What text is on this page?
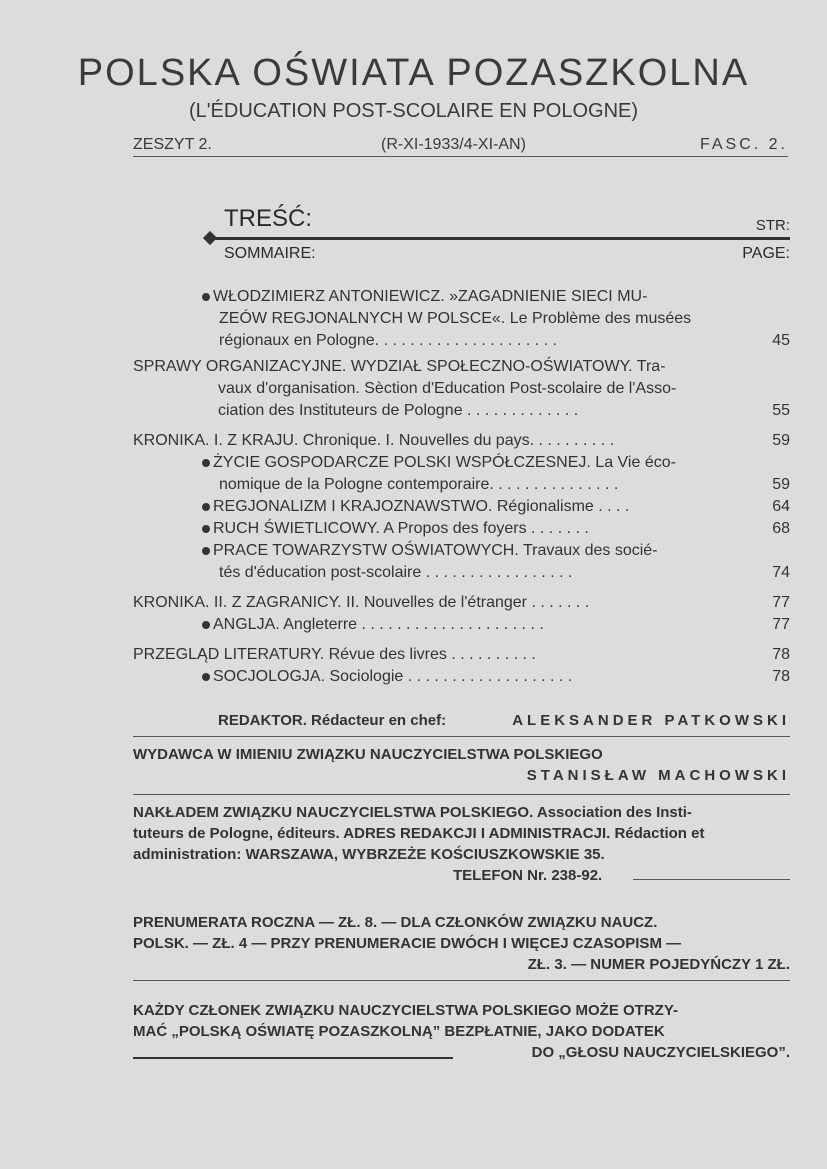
POLSKA OŚWIATA POZASZKOLNA
(L'ÉDUCATION POST-SCOLAIRE EN POLOGNE)
ZESZYT 2.	(R-XI-1933/4-XI-AN)	FASC. 2.
TREŚĆ:	STR:
SOMMAIRE:	PAGE:
WŁODZIMIERZ ANTONIEWICZ. »ZAGADNIENIE SIECI MU-
ZEÓW REGJONALNYCH W POLSCE«. Le Problème des musées
régionaux en Pologne. . . . . . . . . . . . . . . . . . . . .	45
SPRAWY ORGANIZACYJNE. WYDZIAŁ SPOŁECZNO-OŚWIATOWY. Tra-
vaux d'organisation. Sèction d'Education Post-scolaire de l'Asso-
ciation des Instituteurs de Pologne . . . . . . . . . . . . .	55
KRONIKA. I. Z KRAJU. Chronique. I. Nouvelles du pays. . . . . . . . . .	59
ŻYCIE GOSPODARCZE POLSKI WSPÓŁCZESNEJ. La Vie éco-
nomique de la Pologne contemporaire. . . . . . . . . . . . . . .	59
REGJONALIZM I KRAJOZNAWSTWO. Régionalisme . . . .	64
RUCH ŚWIETLICOWY. A Propos des foyers . . . . . . .	68
PRACE TOWARZYSTW OŚWIATOWYCH. Travaux des socié-
tés d'éducation post-scolaire . . . . . . . . . . . . . . . . .	74
KRONIKA. II. Z ZAGRANICY. II. Nouvelles de l'étranger . . . . . . .	77
ANGLJA. Angleterre . . . . . . . . . . . . . . . . . . . . .	77
PRZEGLĄD LITERATURY. Révue des livres . . . . . . . . . .	78
SOCJOLOGJA. Sociologie . . . . . . . . . . . . . . . . . . .	78
REDAKTOR. Rédacteur en chef:	ALEKSANDER PATKOWSKI
WYDAWCA W IMIENIU ZWIĄZKU NAUCZYCIELSTWA POLSKIEGO
STANISŁAW MACHOWSKI
NAKŁADEM ZWIĄZKU NAUCZYCIELSTWA POLSKIEGO. Association des Insti-
tuteurs de Pologne, éditeurs. ADRES REDAKCJI I ADMINISTRACJI. Rédaction et
administration: WARSZAWA, WYBRZEŻE KOŚCIUSZKOWSKIE 35.
TELEFON Nr. 238-92.
PRENUMERATA ROCZNA — ZŁ. 8. — DLA CZŁONKÓW ZWIĄZKU NAUCZ.
POLSK. — ZŁ. 4 — PRZY PRENUMERACIE DWÓCH I WIĘCEJ CZASOPISM —
ZŁ. 3. — NUMER POJEDYŃCZY 1 ZŁ.
KAŻDY CZŁONEK ZWIĄZKU NAUCZYCIELSTWA POLSKIEGO MOŻE OTRZY-
MAĆ „POLSKĄ OŚWIATĘ POZASZKOLNĄ” BEZPŁATNIE, JAKO DODATEK
DO „GŁOSU NAUCZYCIELSKIEGO”.
